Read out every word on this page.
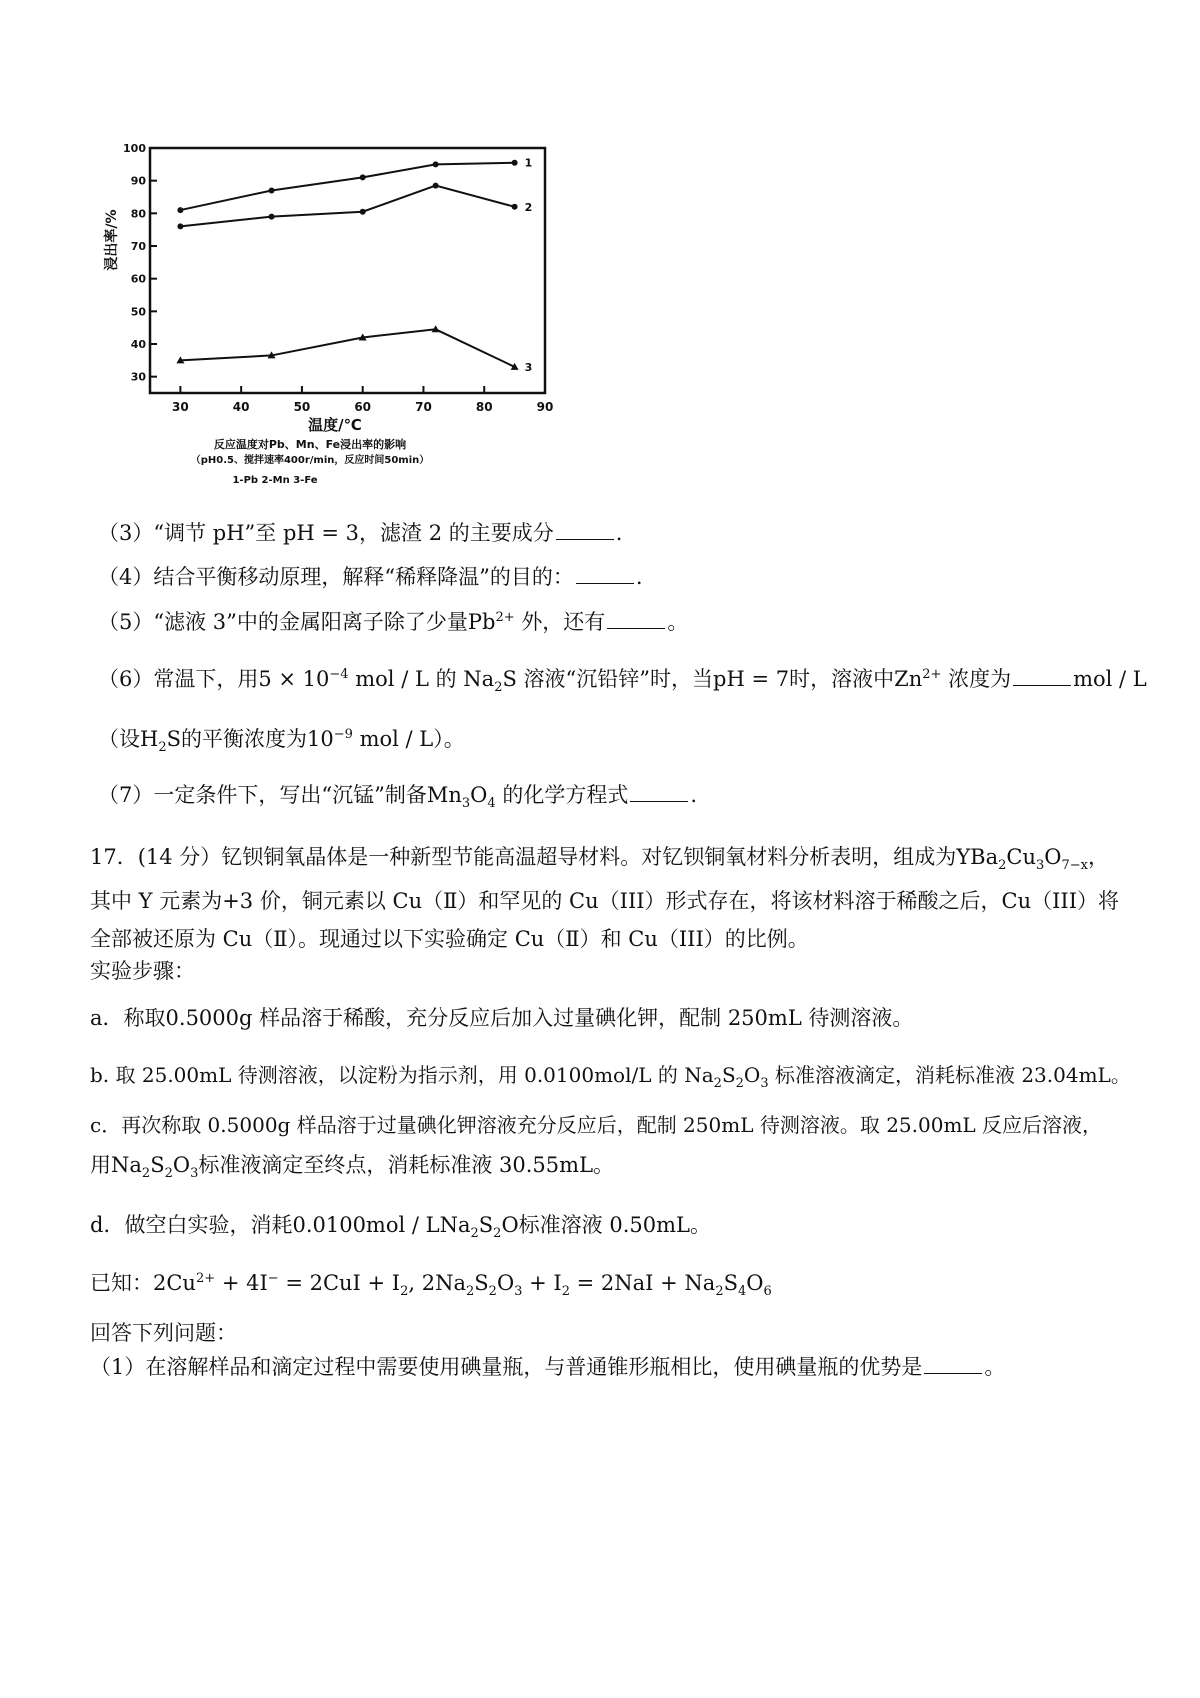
30
40
50
60
70
80
90
100
30	40	50	60	70	80	90
1
2
3
浸出率/%
温度/℃
反应温度对Pb、Mn、Fe浸出率的影响
（pH0.5、搅拌速率400r/min，反应时间50min）
1-Pb 2-Mn 3-Fe
（3）“调节 pH”至 pH = 3，滤渣 2 的主要成分	.
（4）结合平衡移动原理，解释“稀释降温”的目的：	.
（5）“滤液 3”中的金属阳离子除了少量$Pb^{2+}$ 外，还有	。
（6）常温下，用$5 \times 10^{-4}$ mol / L 的 $Na_2S$ 溶液“沉铅锌”时，当pH = 7时，溶液中$Zn^{2+}$ 浓度为	mol / L
（设$H_2S$的平衡浓度为$10^{-9}$ mol / L）。
（7）一定条件下，写出“沉锰”制备$Mn_3O_4$ 的化学方程式	.
17．(14 分）钇钡铜氧晶体是一种新型节能高温超导材料。对钇钡铜氧材料分析表明，组成为$YBa_2Cu_3O_{7-x}$，
其中 Y 元素为+3 价，铜元素以 Cu（Ⅱ）和罕见的 Cu（III）形式存在，将该材料溶于稀酸之后，Cu（III）将
全部被还原为 Cu（Ⅱ）。现通过以下实验确定 Cu（Ⅱ）和 Cu（III）的比例。
实验步骤：
a．称取0.5000g 样品溶于稀酸，充分反应后加入过量碘化钾，配制 250mL 待测溶液。
b. 取 25.00mL 待测溶液，以淀粉为指示剂，用 0.0100mol/L 的 $Na_2S_2O_3$ 标准溶液滴定，消耗标准液 23.04mL。
c．再次称取 0.5000g 样品溶于过量碘化钾溶液充分反应后，配制 250mL 待测溶液。取 25.00mL 反应后溶液，
用$Na_2S_2O_3$标准液滴定至终点，消耗标准液 30.55mL。
d．做空白实验，消耗$0.0100mol / LNa_2S_2O$标准溶液 0.50mL。
已知：$2Cu^{2+} + 4I^- = 2CuI + I_2$, $2Na_2S_2O_3 + I_2 = 2NaI + Na_2S_4O_6$
回答下列问题：
（1）在溶解样品和滴定过程中需要使用碘量瓶，与普通锥形瓶相比，使用碘量瓶的优势是	。
